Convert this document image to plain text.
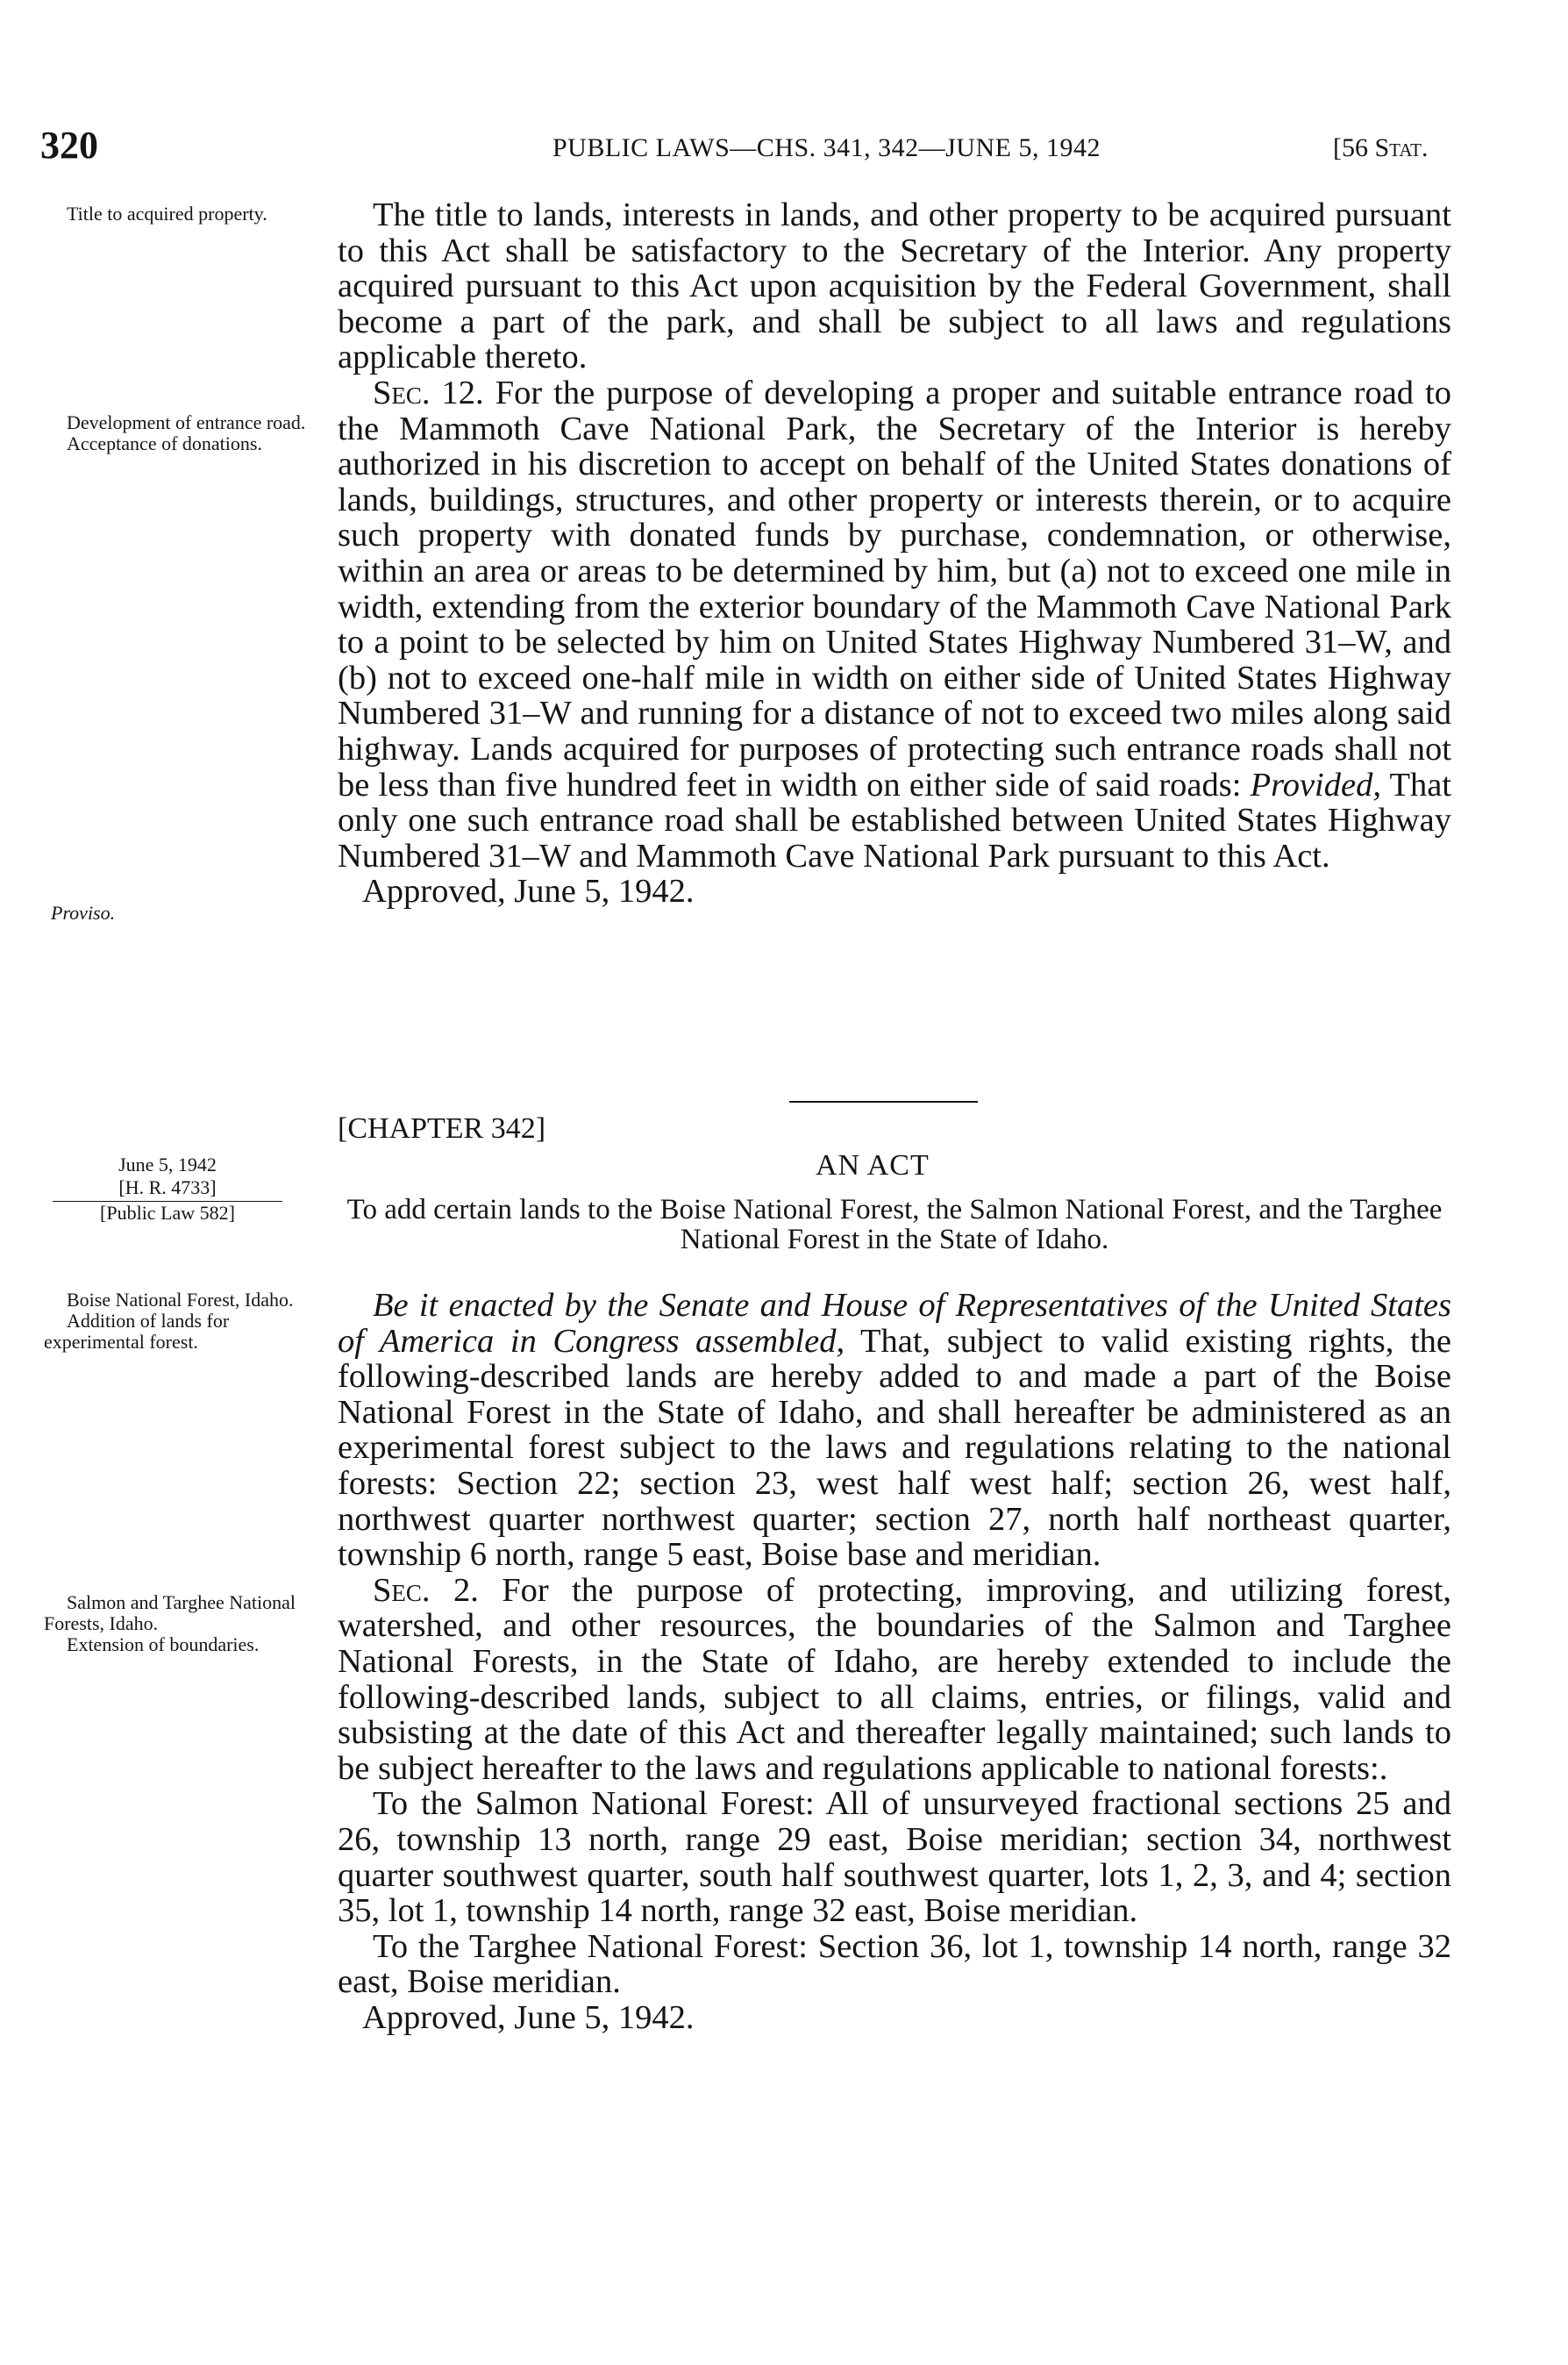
320	PUBLIC LAWS—CHS. 341, 342—JUNE 5, 1942	[56 Stat.
Title to acquired property.
Development of entrance road.
Acceptance of donations.
Proviso.

The title to lands, interests in lands, and other property to be acquired pursuant to this Act shall be satisfactory to the Secretary of the Interior. Any property acquired pursuant to this Act upon acquisition by the Federal Government, shall become a part of the park, and shall be subject to all laws and regulations applicable thereto.

Sec. 12. For the purpose of developing a proper and suitable entrance road to the Mammoth Cave National Park, the Secretary of the Interior is hereby authorized in his discretion to accept on behalf of the United States donations of lands, buildings, structures, and other property or interests therein, or to acquire such property with donated funds by purchase, condemnation, or otherwise, within an area or areas to be determined by him, but (a) not to exceed one mile in width, extending from the exterior boundary of the Mammoth Cave National Park to a point to be selected by him on United States Highway Numbered 31–W, and (b) not to exceed one-half mile in width on either side of United States Highway Numbered 31–W and running for a distance of not to exceed two miles along said highway. Lands acquired for purposes of protecting such entrance roads shall not be less than five hundred feet in width on either side of said roads: Provided, That only one such entrance road shall be established between United States Highway Numbered 31–W and Mammoth Cave National Park pursuant to this Act.

Approved, June 5, 1942.

[CHAPTER 342]
AN ACT
To add certain lands to the Boise National Forest, the Salmon National Forest, and the Targhee National Forest in the State of Idaho.
June 5, 1942
[H. R. 4733]
[Public Law 582]
Boise National Forest, Idaho.
Addition of lands for experimental forest.
Salmon and Targhee National Forests, Idaho.
Extension of boundaries.

Be it enacted by the Senate and House of Representatives of the United States of America in Congress assembled, That, subject to valid existing rights, the following-described lands are hereby added to and made a part of the Boise National Forest in the State of Idaho, and shall hereafter be administered as an experimental forest subject to the laws and regulations relating to the national forests: Section 22; section 23, west half west half; section 26, west half, northwest quarter northwest quarter; section 27, north half northeast quarter, township 6 north, range 5 east, Boise base and meridian.

Sec. 2. For the purpose of protecting, improving, and utilizing forest, watershed, and other resources, the boundaries of the Salmon and Targhee National Forests, in the State of Idaho, are hereby extended to include the following-described lands, subject to all claims, entries, or filings, valid and subsisting at the date of this Act and thereafter legally maintained; such lands to be subject hereafter to the laws and regulations applicable to national forests:.

To the Salmon National Forest: All of unsurveyed fractional sections 25 and 26, township 13 north, range 29 east, Boise meridian; section 34, northwest quarter southwest quarter, south half southwest quarter, lots 1, 2, 3, and 4; section 35, lot 1, township 14 north, range 32 east, Boise meridian.

To the Targhee National Forest: Section 36, lot 1, township 14 north, range 32 east, Boise meridian.

Approved, June 5, 1942.
